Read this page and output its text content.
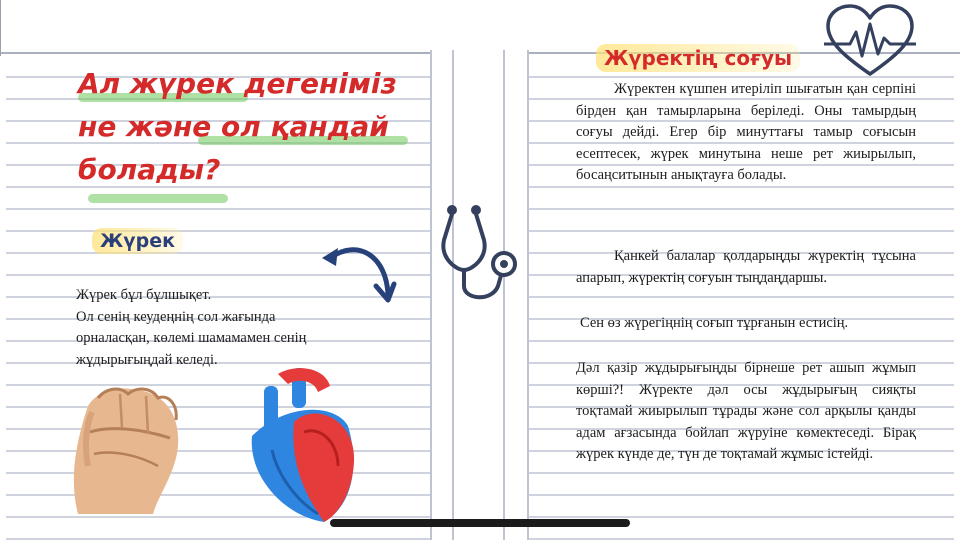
Ал жүрек дегеніміз
не және ол қандай
болады?
Жүрек
Жүрек бұл бұлшықет.
Ол сенің кеудеңнің сол жағында
орналасқан, көлемі шамамамен сенің
жұдырығыңдай келеді.
Жүректің соғуы

Жүректен күшпен итеріліп шығатын қан серпіні бірден қан тамырларына беріледі. Оны тамырдың соғуы дейді. Егер бір минуттағы тамыр соғысын есептесек, жүрек минутына неше рет жиырылып, босаңситынын анықтауға болады.

Қанкей балалар қолдарыңды жүректің тұсына апарып, жүректің соғуын тыңдаңдаршы.

Сен өз жүрегіңнің соғып тұрғанын естисің.

Дәл қазір жұдырығыңды бірнеше рет ашып жұмып көрші?! Жүректе дәл осы жұдырығың сияқты тоқтамай жиырылып тұрады және сол арқылы қанды адам ағзасында бойлап жүруіне көмектеседі. Бірақ жүрек күнде де, түн де тоқтамай жұмыс істейді.
